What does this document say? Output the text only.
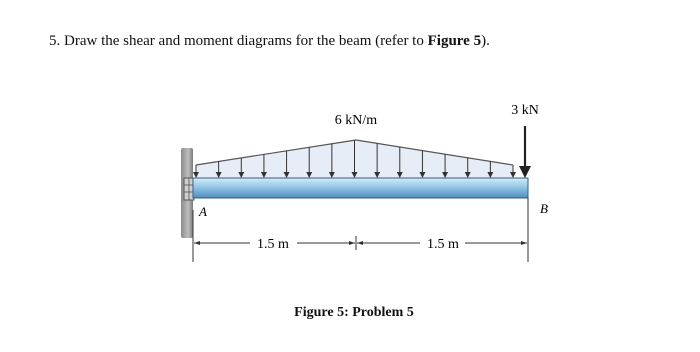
5. Draw the shear and moment diagrams for the beam (refer to Figure 5).
6 kN/m
3 kN
A	B
1.5 m	1.5 m
Figure 5: Problem 5
